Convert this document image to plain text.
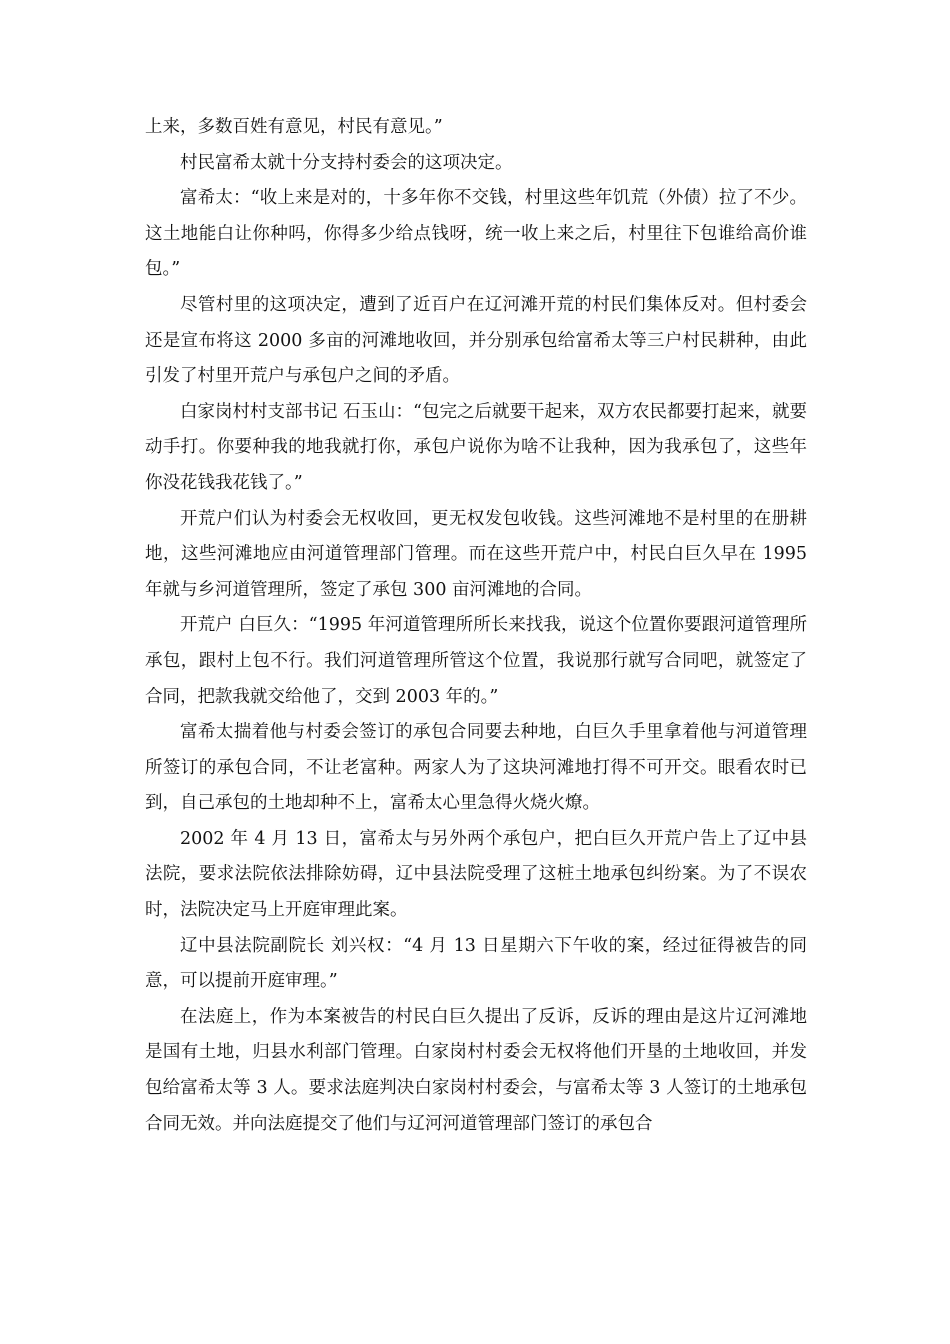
上来，多数百姓有意见，村民有意见。”

村民富希太就十分支持村委会的这项决定。

富希太：“收上来是对的，十多年你不交钱，村里这些年饥荒（外债）拉了不少。这土地能白让你种吗，你得多少给点钱呀，统一收上来之后，村里往下包谁给高价谁包。”

尽管村里的这项决定，遭到了近百户在辽河滩开荒的村民们集体反对。但村委会还是宣布将这 2000 多亩的河滩地收回，并分别承包给富希太等三户村民耕种，由此引发了村里开荒户与承包户之间的矛盾。

白家岗村村支部书记 石玉山：“包完之后就要干起来，双方农民都要打起来，就要动手打。你要种我的地我就打你，承包户说你为啥不让我种，因为我承包了，这些年你没花钱我花钱了。”

开荒户们认为村委会无权收回，更无权发包收钱。这些河滩地不是村里的在册耕地，这些河滩地应由河道管理部门管理。而在这些开荒户中，村民白巨久早在 1995 年就与乡河道管理所，签定了承包 300 亩河滩地的合同。

开荒户 白巨久：“1995 年河道管理所所长来找我，说这个位置你要跟河道管理所承包，跟村上包不行。我们河道管理所管这个位置，我说那行就写合同吧，就签定了合同，把款我就交给他了，交到 2003 年的。”

富希太揣着他与村委会签订的承包合同要去种地，白巨久手里拿着他与河道管理所签订的承包合同，不让老富种。两家人为了这块河滩地打得不可开交。眼看农时已到，自己承包的土地却种不上，富希太心里急得火烧火燎。

2002 年 4 月 13 日，富希太与另外两个承包户，把白巨久开荒户告上了辽中县法院，要求法院依法排除妨碍，辽中县法院受理了这桩土地承包纠纷案。为了不误农时，法院决定马上开庭审理此案。

辽中县法院副院长 刘兴权：“4 月 13 日星期六下午收的案，经过征得被告的同意，可以提前开庭审理。”

在法庭上，作为本案被告的村民白巨久提出了反诉，反诉的理由是这片辽河滩地是国有土地，归县水利部门管理。白家岗村村委会无权将他们开垦的土地收回，并发包给富希太等 3 人。要求法庭判决白家岗村村委会，与富希太等 3 人签订的土地承包合同无效。并向法庭提交了他们与辽河河道管理部门签订的承包合
